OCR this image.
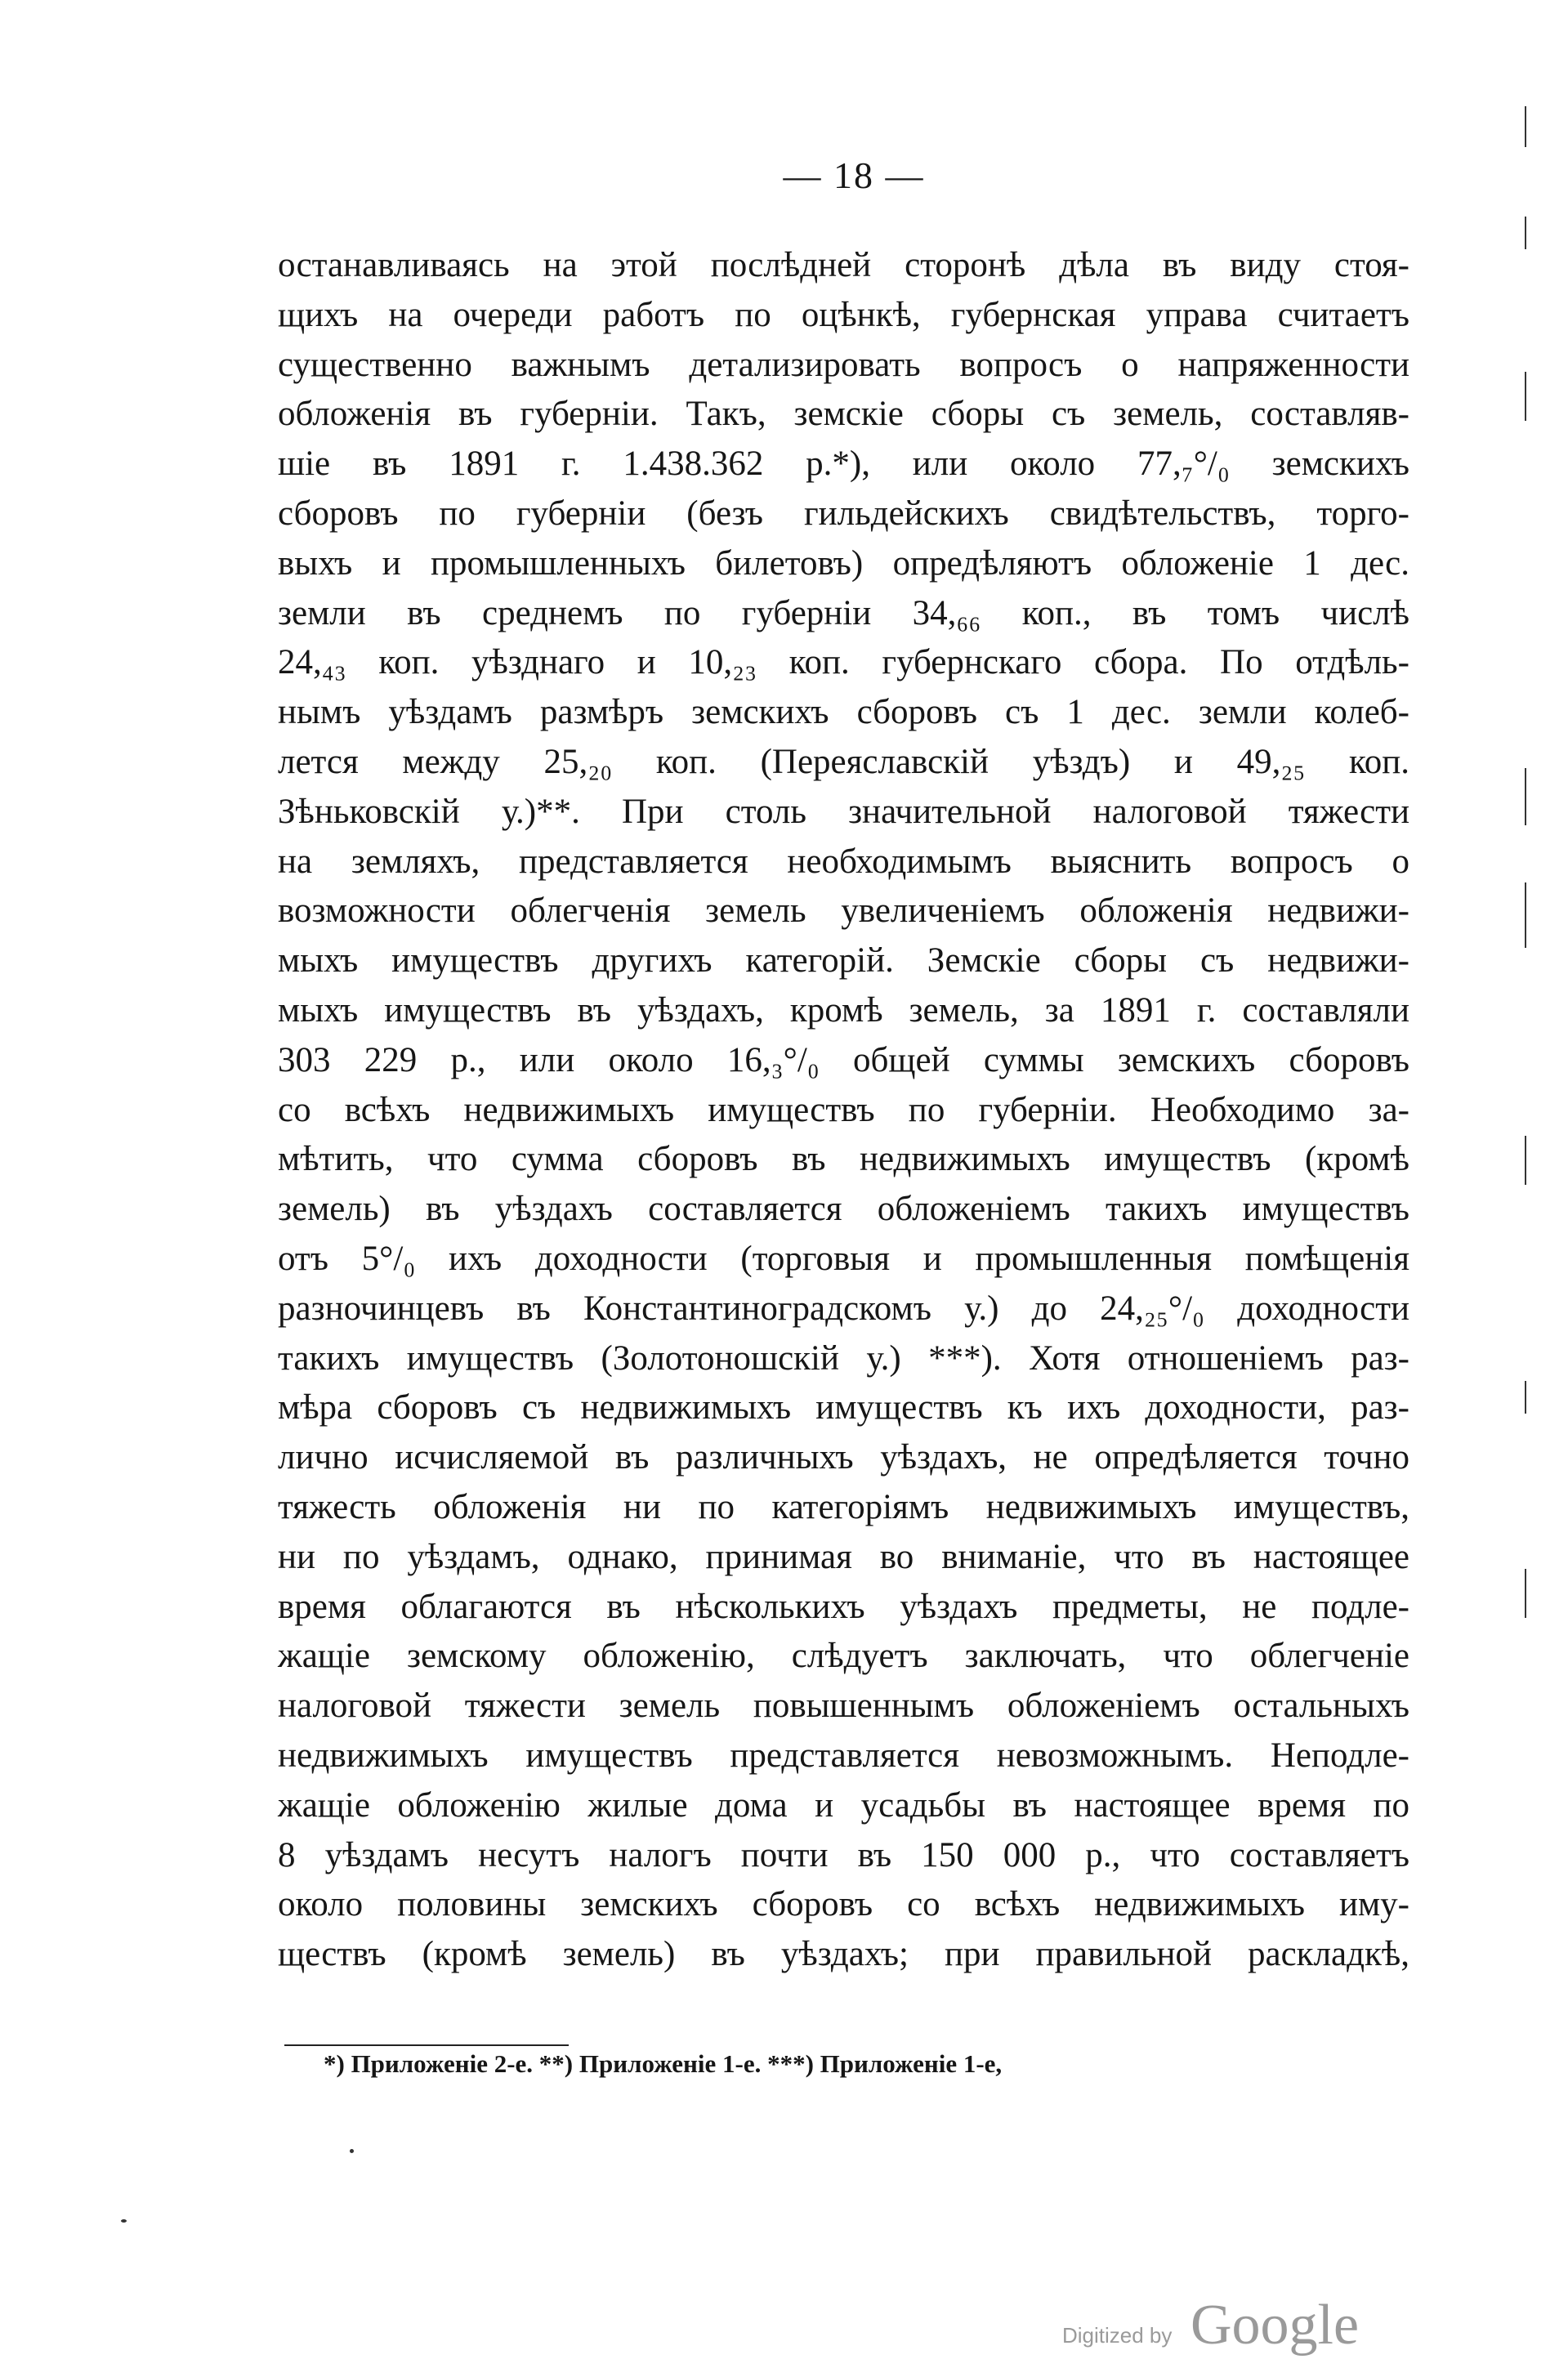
— 18 —
останавливаясь на этой послѣдней сторонѣ дѣла въ виду стоя-
щихъ на очереди работъ по оцѣнкѣ, губернская управа считаетъ
существенно важнымъ детализировать вопросъ о напряженности
обложенія въ губерніи. Такъ, земскіе сборы съ земель, составляв-
шіе въ 1891 г. 1.438.362 р.*), или около 77,₇°/₀ земскихъ
сборовъ по губерніи (безъ гильдейскихъ свидѣтельствъ, торго-
выхъ и промышленныхъ билетовъ) опредѣляютъ обложеніе 1 дес.
земли въ среднемъ по губерніи 34,₆₆ коп., въ томъ числѣ
24,₄₃ коп. уѣзднаго и 10,₂₃ коп. губернскаго сбора. По отдѣль-
нымъ уѣздамъ размѣръ земскихъ сборовъ съ 1 дес. земли колеб-
лется между 25,₂₀ коп. (Переяславскій уѣздъ) и 49,₂₅ коп.
Зѣньковскій у.)**. При столь значительной налоговой тяжести
на земляхъ, представляется необходимымъ выяснить вопросъ о
возможности облегченія земель увеличеніемъ обложенія недвижи-
мыхъ имуществъ другихъ категорій. Земскіе сборы съ недвижи-
мыхъ имуществъ въ уѣздахъ, кромѣ земель, за 1891 г. составляли
303 229 р., или около 16,₃°/₀ общей суммы земскихъ сборовъ
со всѣхъ недвижимыхъ имуществъ по губерніи. Необходимо за-
мѣтить, что сумма сборовъ въ недвижимыхъ имуществъ (кромѣ
земель) въ уѣздахъ составляется обложеніемъ такихъ имуществъ
отъ 5°/₀ ихъ доходности (торговыя и промышленныя помѣщенія
разночинцевъ въ Константиноградскомъ у.) до 24,₂₅°/₀ доходности
такихъ имуществъ (Золотоношскій у.) ***). Хотя отношеніемъ раз-
мѣра сборовъ съ недвижимыхъ имуществъ къ ихъ доходности, раз-
лично исчисляемой въ различныхъ уѣздахъ, не опредѣляется точно
тяжесть обложенія ни по категоріямъ недвижимыхъ имуществъ,
ни по уѣздамъ, однако, принимая во вниманіе, что въ настоящее
время облагаются въ нѣсколькихъ уѣздахъ предметы, не подле-
жащіе земскому обложенію, слѣдуетъ заключать, что облегченіе
налоговой тяжести земель повышеннымъ обложеніемъ остальныхъ
недвижимыхъ имуществъ представляется невозможнымъ. Неподле-
жащіе обложенію жилые дома и усадьбы въ настоящее время по
8 уѣздамъ несутъ налогъ почти въ 150 000 р., что составляетъ
около половины земскихъ сборовъ со всѣхъ недвижимыхъ иму-
ществъ (кромѣ земель) въ уѣздахъ; при правильной раскладкѣ,
*) Приложеніе 2-е. **) Приложеніе 1-е. ***) Приложеніе 1-е,
Digitized by Google
